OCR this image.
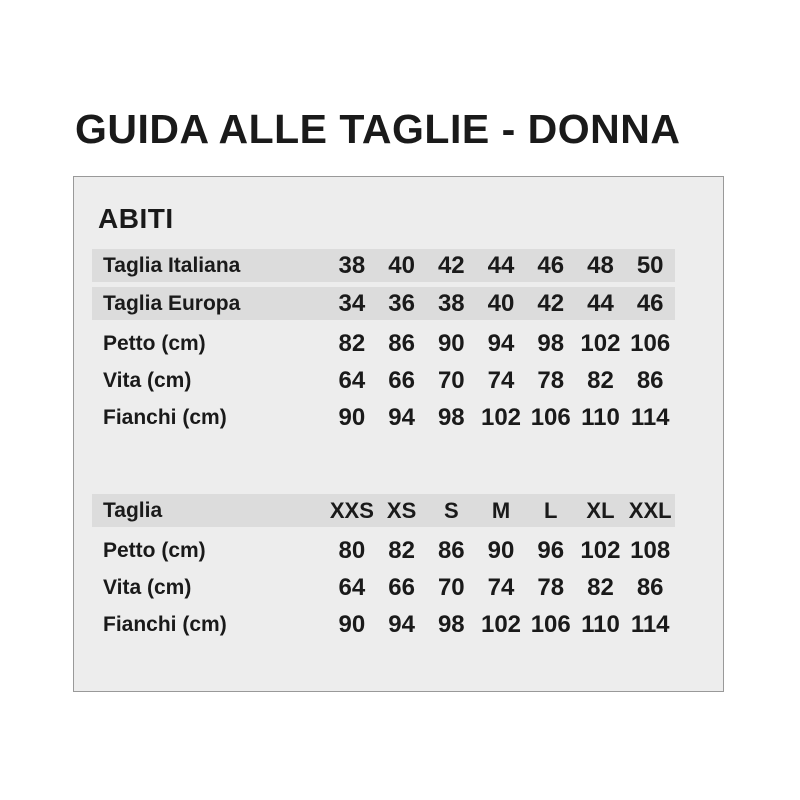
GUIDA ALLE TAGLIE - DONNA
ABITI
Taglia Italiana	38 40 42 44 46 48 50
Taglia Europa	34 36 38 40 42 44 46
Petto (cm)	82 86 90 94 98 102 106
Vita (cm)	64 66 70 74 78 82 86
Fianchi (cm)	90 94 98 102 106 110 114
Taglia	XXS XS	S	M	L	XL XXL
Petto (cm)	80 82 86 90 96 102 108
Vita (cm)	64 66 70 74 78 82 86
Fianchi (cm)	90 94 98 102 106 110 114
